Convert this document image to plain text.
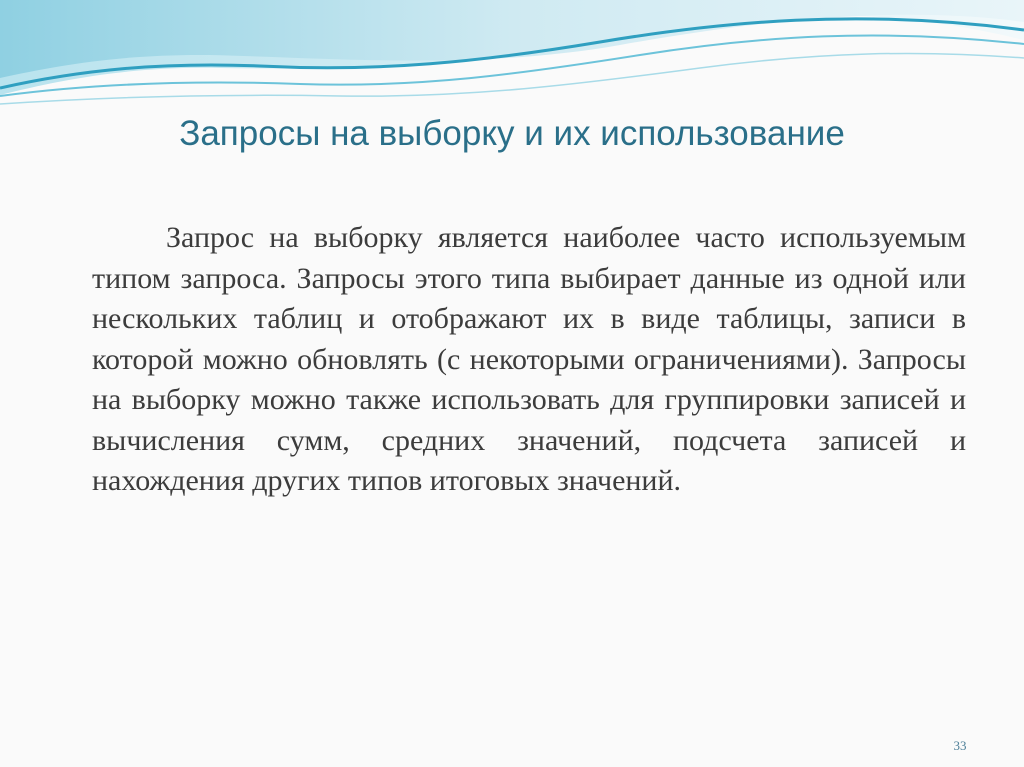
Запросы на выборку и их использование

Запрос на выборку является наиболее часто используемым типом запроса. Запросы этого типа выбирает данные из одной или нескольких таблиц и отображают их в виде таблицы, записи в которой можно обновлять (с некоторыми ограничениями). Запросы на выборку можно также использовать для группировки записей и вычисления сумм, средних значений, подсчета записей и нахождения других типов итоговых значений.

33
